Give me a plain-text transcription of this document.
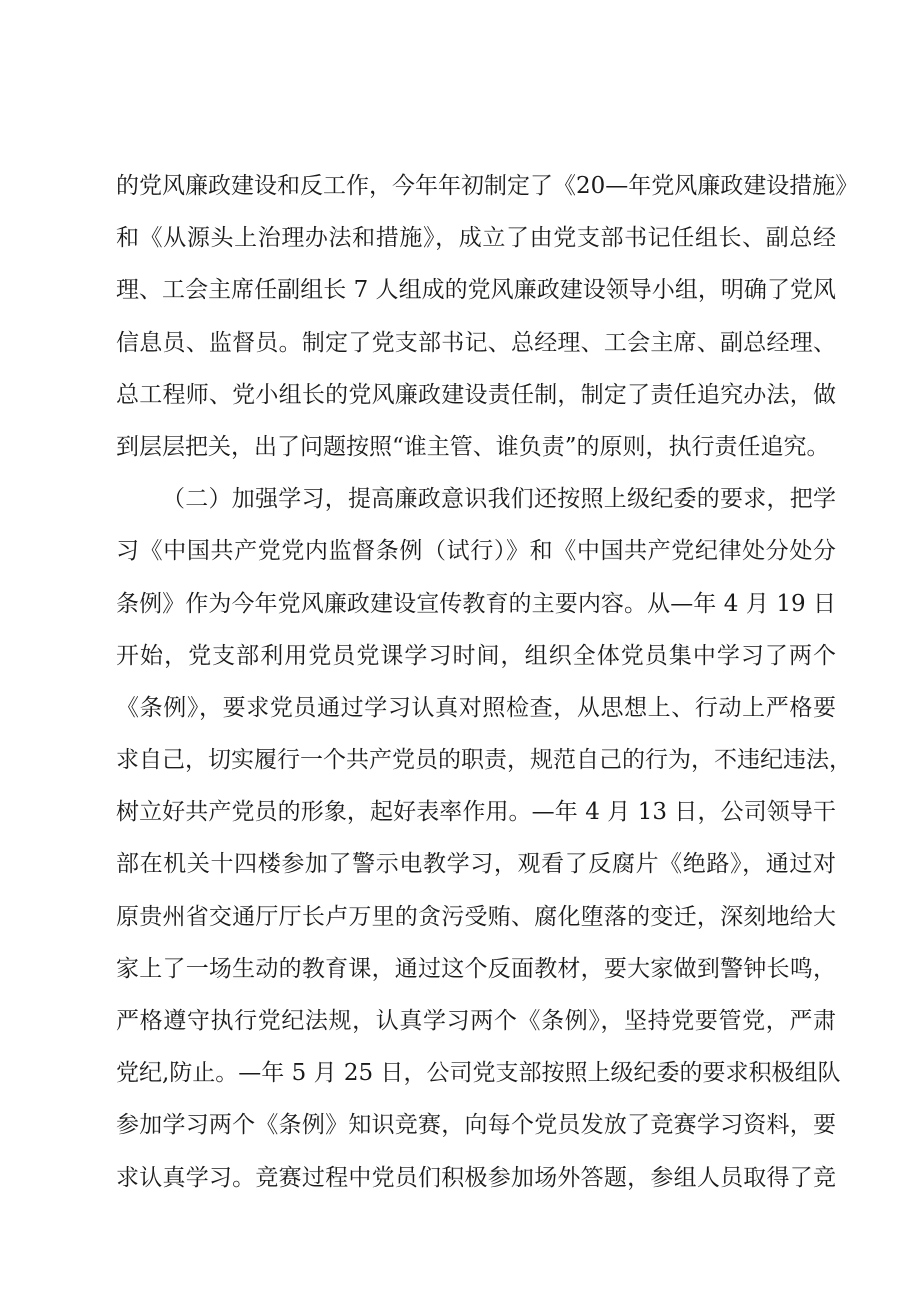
的党风廉政建设和反工作，今年年初制定了《20—年党风廉政建设措施》
和《从源头上治理办法和措施》，成立了由党支部书记任组长、副总经
理、工会主席任副组长 7 人组成的党风廉政建设领导小组，明确了党风
信息员、监督员。制定了党支部书记、总经理、工会主席、副总经理、
总工程师、党小组长的党风廉政建设责任制，制定了责任追究办法，做
到层层把关，出了问题按照“谁主管、谁负责”的原则，执行责任追究。
（二）加强学习，提高廉政意识我们还按照上级纪委的要求，把学
习《中国共产党党内监督条例（试行）》和《中国共产党纪律处分处分
条例》作为今年党风廉政建设宣传教育的主要内容。从—年 4 月 19 日
开始，党支部利用党员党课学习时间，组织全体党员集中学习了两个
《条例》，要求党员通过学习认真对照检查，从思想上、行动上严格要
求自己，切实履行一个共产党员的职责，规范自己的行为，不违纪违法，
树立好共产党员的形象，起好表率作用。—年 4 月 13 日，公司领导干
部在机关十四楼参加了警示电教学习，观看了反腐片《绝路》，通过对
原贵州省交通厅厅长卢万里的贪污受贿、腐化堕落的变迁，深刻地给大
家上了一场生动的教育课，通过这个反面教材，要大家做到警钟长鸣，
严格遵守执行党纪法规，认真学习两个《条例》，坚持党要管党，严肃
党纪,防止。—年 5 月 25 日，公司党支部按照上级纪委的要求积极组队
参加学习两个《条例》知识竞赛，向每个党员发放了竞赛学习资料，要
求认真学习。竞赛过程中党员们积极参加场外答题，参组人员取得了竞
